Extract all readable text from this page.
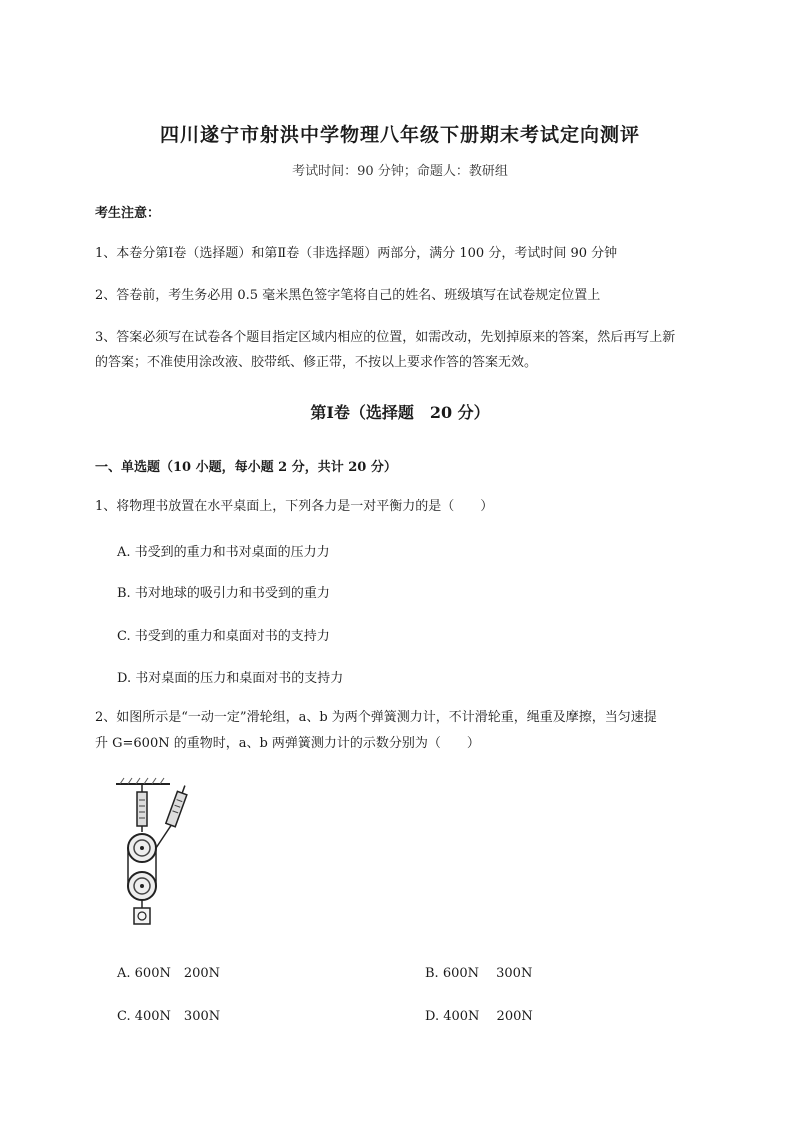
四川遂宁市射洪中学物理八年级下册期末考试定向测评
考试时间：90 分钟；命题人：教研组
考生注意：
1、本卷分第Ⅰ卷（选择题）和第Ⅱ卷（非选择题）两部分，满分 100 分，考试时间 90 分钟
2、答卷前，考生务必用 0.5 毫米黑色签字笔将自己的姓名、班级填写在试卷规定位置上
3、答案必须写在试卷各个题目指定区域内相应的位置，如需改动，先划掉原来的答案，然后再写上新
的答案；不准使用涂改液、胶带纸、修正带，不按以上要求作答的答案无效。
第Ⅰ卷（选择题　20 分）
一、单选题（10 小题，每小题 2 分，共计 20 分）
1、将物理书放置在水平桌面上，下列各力是一对平衡力的是（　　）
A. 书受到的重力和书对桌面的压力力
B. 书对地球的吸引力和书受到的重力
C. 书受到的重力和桌面对书的支持力
D. 书对桌面的压力和桌面对书的支持力
2、如图所示是“一动一定”滑轮组，a、b 为两个弹簧测力计，不计滑轮重，绳重及摩擦，当匀速提
升 G=600N 的重物时，a、b 两弹簧测力计的示数分别为（　　）
A. 600N　200N	B. 600N　 300N
C. 400N　300N	D. 400N　 200N
